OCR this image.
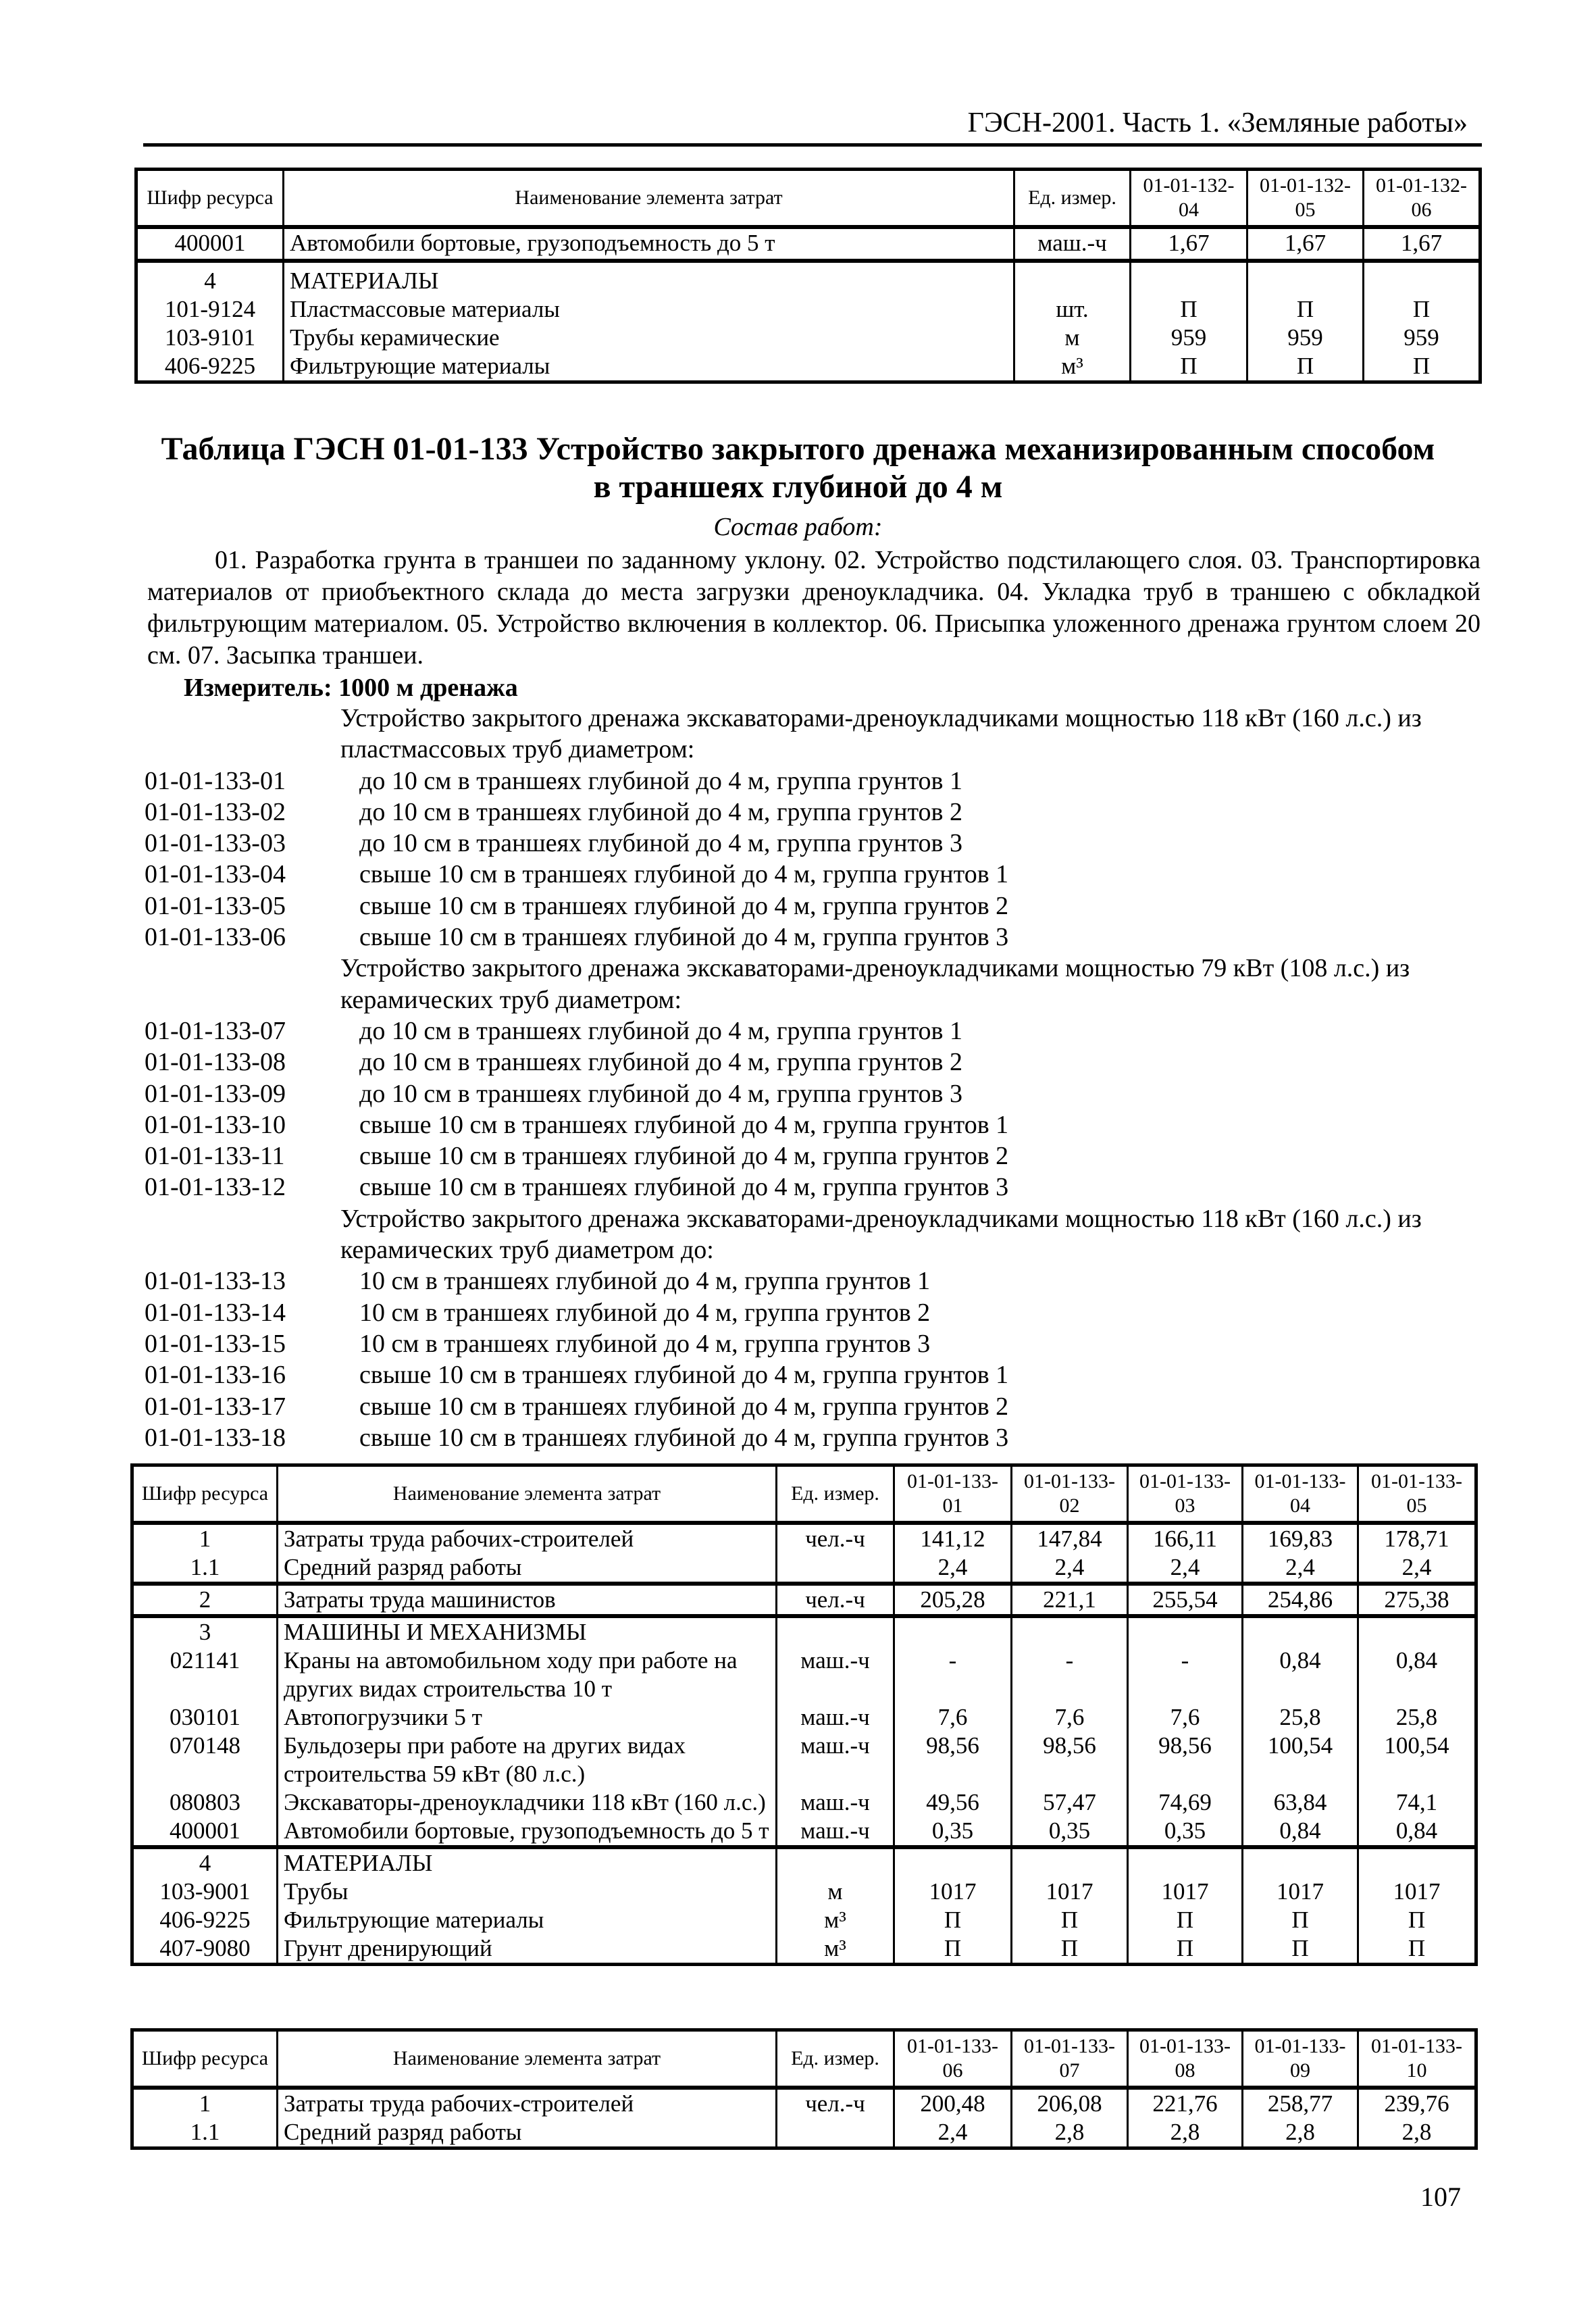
ГЭСН-2001. Часть 1. «Земляные работы»
Шифр ресурса	Наименование элемента затрат	Ед. измер.	01-01-132-04	01-01-132-05	01-01-132-06
400001	Автомобили бортовые, грузоподъемность до 5 т	маш.-ч	1,67	1,67	1,67
4	МАТЕРИАЛЫ				
101-9124	Пластмассовые материалы	шт.	П	П	П
103-9101	Трубы керамические	м	959	959	959
406-9225	Фильтрующие материалы	м³	П	П	П
Таблица ГЭСН 01-01-133 Устройство закрытого дренажа механизированным способом
в траншеях глубиной до 4 м
Состав работ:
01. Разработка грунта в траншеи по заданному уклону. 02. Устройство подстилающего слоя. 03. Транспортировка материалов от приобъектного склада до места загрузки дреноукладчика. 04. Укладка труб в траншею с обкладкой фильтрующим материалом. 05. Устройство включения в коллектор. 06. Присыпка уложенного дренажа грунтом слоем 20 см. 07. Засыпка траншеи.
Измеритель: 1000 м дренажа
Устройство закрытого дренажа экскаваторами-дреноукладчиками мощностью 118 кВт (160 л.с.) из пластмассовых труб диаметром:
01-01-133-01	до 10 см в траншеях глубиной до 4 м, группа грунтов 1
01-01-133-02	до 10 см в траншеях глубиной до 4 м, группа грунтов 2
01-01-133-03	до 10 см в траншеях глубиной до 4 м, группа грунтов 3
01-01-133-04	свыше 10 см в траншеях глубиной до 4 м, группа грунтов 1
01-01-133-05	свыше 10 см в траншеях глубиной до 4 м, группа грунтов 2
01-01-133-06	свыше 10 см в траншеях глубиной до 4 м, группа грунтов 3
Устройство закрытого дренажа экскаваторами-дреноукладчиками мощностью 79 кВт (108 л.с.) из керамических труб диаметром:
01-01-133-07	до 10 см в траншеях глубиной до 4 м, группа грунтов 1
01-01-133-08	до 10 см в траншеях глубиной до 4 м, группа грунтов 2
01-01-133-09	до 10 см в траншеях глубиной до 4 м, группа грунтов 3
01-01-133-10	свыше 10 см в траншеях глубиной до 4 м, группа грунтов 1
01-01-133-11	свыше 10 см в траншеях глубиной до 4 м, группа грунтов 2
01-01-133-12	свыше 10 см в траншеях глубиной до 4 м, группа грунтов 3
Устройство закрытого дренажа экскаваторами-дреноукладчиками мощностью 118 кВт (160 л.с.) из керамических труб диаметром до:
01-01-133-13	10 см в траншеях глубиной до 4 м, группа грунтов 1
01-01-133-14	10 см в траншеях глубиной до 4 м, группа грунтов 2
01-01-133-15	10 см в траншеях глубиной до 4 м, группа грунтов 3
01-01-133-16	свыше 10 см в траншеях глубиной до 4 м, группа грунтов 1
01-01-133-17	свыше 10 см в траншеях глубиной до 4 м, группа грунтов 2
01-01-133-18	свыше 10 см в траншеях глубиной до 4 м, группа грунтов 3
Шифр ресурса	Наименование элемента затрат	Ед. измер.	01-01-133-01	01-01-133-02	01-01-133-03	01-01-133-04	01-01-133-05
1	Затраты труда рабочих-строителей	чел.-ч	141,12	147,84	166,11	169,83	178,71
1.1	Средний разряд работы		2,4	2,4	2,4	2,4	2,4
2	Затраты труда машинистов	чел.-ч	205,28	221,1	255,54	254,86	275,38
3	МАШИНЫ И МЕХАНИЗМЫ						
021141	Краны на автомобильном ходу при работе на других видах строительства 10 т	маш.-ч	-	-	-	0,84	0,84
030101	Автопогрузчики 5 т	маш.-ч	7,6	7,6	7,6	25,8	25,8
070148	Бульдозеры при работе на других видах строительства 59 кВт (80 л.с.)	маш.-ч	98,56	98,56	98,56	100,54	100,54
080803	Экскаваторы-дреноукладчики 118 кВт (160 л.с.)	маш.-ч	49,56	57,47	74,69	63,84	74,1
400001	Автомобили бортовые, грузоподъемность до 5 т	маш.-ч	0,35	0,35	0,35	0,84	0,84
4	МАТЕРИАЛЫ						
103-9001	Трубы	м	1017	1017	1017	1017	1017
406-9225	Фильтрующие материалы	м³	П	П	П	П	П
407-9080	Грунт дренирующий	м³	П	П	П	П	П
Шифр ресурса	Наименование элемента затрат	Ед. измер.	01-01-133-06	01-01-133-07	01-01-133-08	01-01-133-09	01-01-133-10
1	Затраты труда рабочих-строителей	чел.-ч	200,48	206,08	221,76	258,77	239,76
1.1	Средний разряд работы		2,4	2,8	2,8	2,8	2,8
107
